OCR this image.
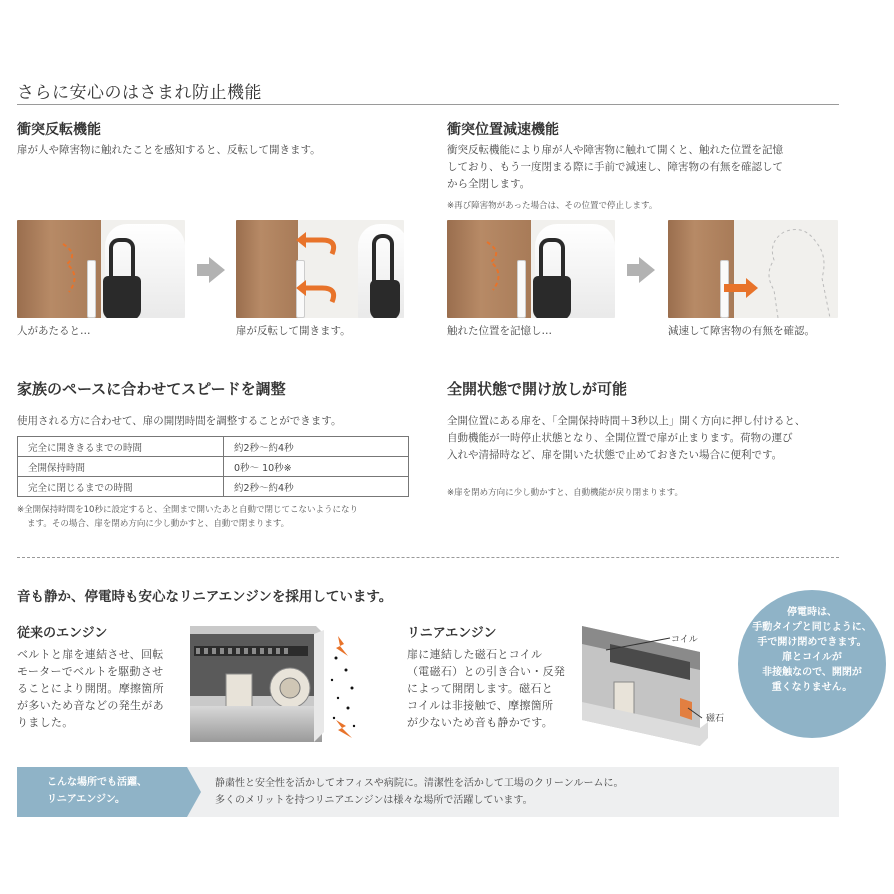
さらに安心のはさまれ防止機能
衝突反転機能
扉が人や障害物に触れたことを感知すると、反転して開きます。
人があたると…	扉が反転して開きます。
衝突位置減速機能
衝突反転機能により扉が人や障害物に触れて開くと、触れた位置を記憶
しており、もう一度閉まる際に手前で減速し、障害物の有無を確認して
から全閉します。
※再び障害物があった場合は、その位置で停止します。
触れた位置を記憶し…	減速して障害物の有無を確認。
家族のペースに合わせてスピードを調整
使用される方に合わせて、扉の開閉時間を調整することができます。
完全に開ききるまでの時間	約2秒～約4秒
全開保持時間	0秒～ 10秒※
完全に閉じるまでの時間	約2秒～約4秒
※全開保持時間を10秒に設定すると、全開まで開いたあと自動で閉じてこないようになり
ます。その場合、扉を閉め方向に少し動かすと、自動で閉まります。
全開状態で開け放しが可能
全開位置にある扉を、「全開保持時間＋3秒以上」開く方向に押し付けると、
自動機能が一時停止状態となり、全開位置で扉が止まります。荷物の運び
入れや清掃時など、扉を開いた状態で止めておきたい場合に便利です。
※扉を閉め方向に少し動かすと、自動機能が戻り閉まります。
音も静か、停電時も安心なリニアエンジンを採用しています。
従来のエンジン
ベルトと扉を連結させ、回転
モーターでベルトを駆動させ
ることにより開閉。摩擦箇所
が多いため音などの発生があ
りました。
リニアエンジン
扉に連結した磁石とコイル
（電磁石）との引き合い・反発
によって開閉します。磁石と
コイルは非接触で、摩擦箇所
が少ないため音も静かです。
コイル
磁石
停電時は、
手動タイプと同じように、
手で開け閉めできます。
扉とコイルが
非接触なので、開閉が
重くなりません。
こんな場所でも活躍、
リニアエンジン。
静粛性と安全性を活かしてオフィスや病院に。清潔性を活かして工場のクリーンルームに。
多くのメリットを持つリニアエンジンは様々な場所で活躍しています。
